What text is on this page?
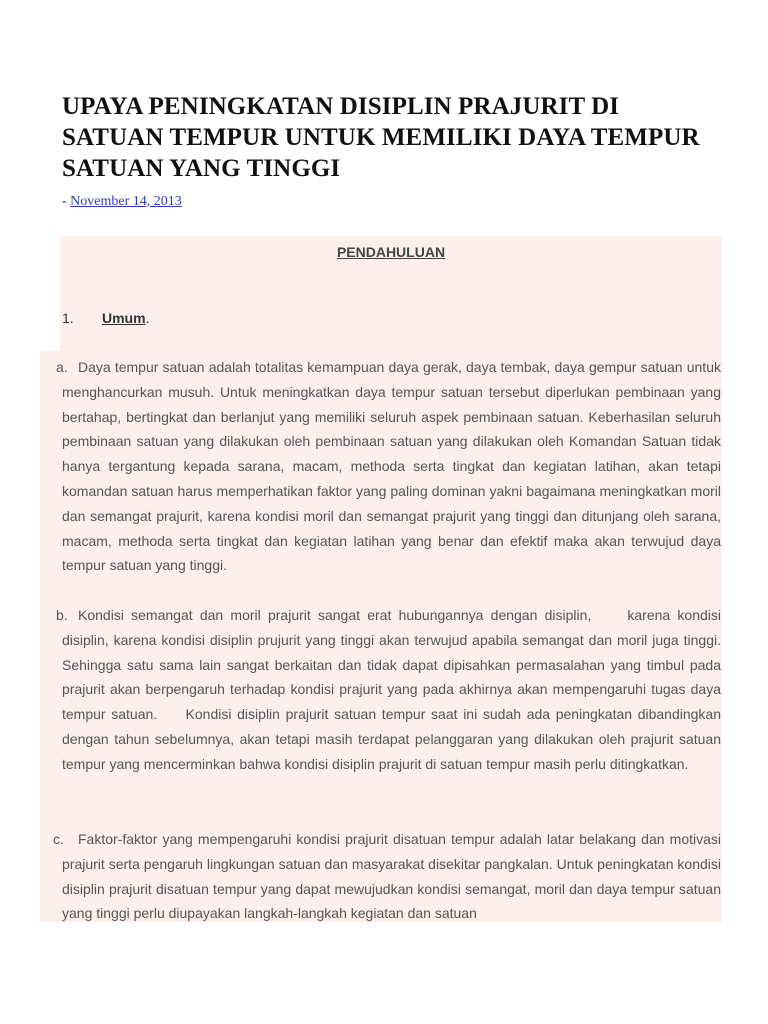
UPAYA PENINGKATAN DISIPLIN PRAJURIT DI SATUAN TEMPUR UNTUK MEMILIKI DAYA TEMPUR SATUAN YANG TINGGI
- November 14, 2013
PENDAHULUAN
1. Umum.

a. Daya tempur satuan adalah totalitas kemampuan daya gerak, daya tembak, daya gempur satuan untuk menghancurkan musuh. Untuk meningkatkan daya tempur satuan tersebut diperlukan pembinaan yang bertahap, bertingkat dan berlanjut yang memiliki seluruh aspek pembinaan satuan. Keberhasilan seluruh pembinaan satuan yang dilakukan oleh pembinaan satuan yang dilakukan oleh Komandan Satuan tidak hanya tergantung kepada sarana, macam, methoda serta tingkat dan kegiatan latihan, akan tetapi komandan satuan harus memperhatikan faktor yang paling dominan yakni bagaimana meningkatkan moril dan semangat prajurit, karena kondisi moril dan semangat prajurit yang tinggi dan ditunjang oleh sarana, macam, methoda serta tingkat dan kegiatan latihan yang benar dan efektif maka akan terwujud daya tempur satuan yang tinggi.

b. Kondisi semangat dan moril prajurit sangat erat hubungannya dengan disiplin,     karena kondisi disiplin, karena kondisi disiplin prujurit yang tinggi akan terwujud apabila semangat dan moril juga tinggi. Sehingga satu sama lain sangat berkaitan dan tidak dapat dipisahkan permasalahan yang timbul pada prajurit akan berpengaruh terhadap kondisi prajurit yang pada akhirnya akan mempengaruhi tugas daya tempur satuan.     Kondisi disiplin prajurit satuan tempur saat ini sudah ada peningkatan dibandingkan dengan tahun sebelumnya, akan tetapi masih terdapat pelanggaran yang dilakukan oleh prajurit satuan tempur yang mencerminkan bahwa kondisi disiplin prajurit di satuan tempur masih perlu ditingkatkan.

c. Faktor-faktor yang mempengaruhi kondisi prajurit disatuan tempur adalah latar belakang dan motivasi prajurit serta pengaruh lingkungan satuan dan masyarakat disekitar pangkalan. Untuk peningkatan kondisi disiplin prajurit disatuan tempur yang dapat mewujudkan kondisi semangat, moril dan daya tempur satuan yang tinggi perlu diupayakan langkah-langkah kegiatan dan satuan
